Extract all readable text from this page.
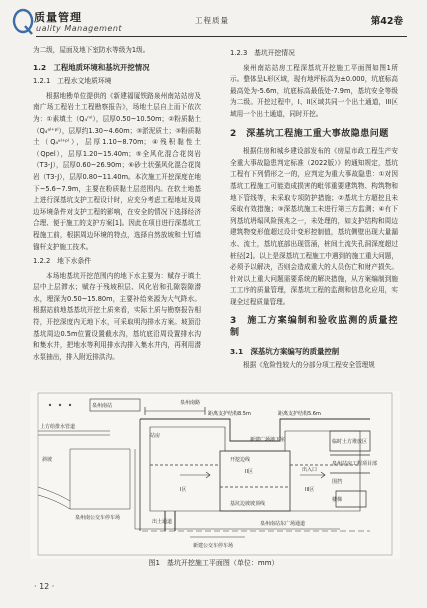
质量管理
uality Management
工程质量	第42卷

为二级，屋面及地下室防水等级为1级。

1.2　工程地质环境和基坑开挖情况
1.2.1　工程水文地质环境

根据地勘单位提供的《新建福厦铁路泉州南站站房及南广场工程岩土工程勘察报告》，场地土层自上而下依次为：①素填土（Q₄ᵐˡ），层厚0.50~10.50m；②粉质黏土（Q₄ᵃˡ⁺ᵖˡ），层厚约1.30~4.60m；③淤泥质土；③粉质黏土（Q₄ᵃˡ⁺ᵖˡ），层厚1.10~8.70m；④残积黏性土（Qpel），层厚1.20~15.40m；⑤全风化混合花岗岩（T3-J），层厚0.60~26.90m；⑥砂土状强风化混合花岗岩（T3-J），层厚0.80~11.40m。本次施工开挖深度在地下~5.6~7.9m，主要在粉质黏土层范围内。在软土地基上进行深基坑支护工程设计时，应充分考虑工程地址及周边环境条件对支护工程的影响，在安全的情况下选择经济合理、便于施工的支护方案[1]。因此在项目进行深基坑工程施工前，根据周边环境的特点，选择自然放坡和土钉墙锚杆支护施工技术。

1.2.2　地下水条件

本场地基坑开挖范围内的地下水主要为：赋存于填土层中上层滞水；赋存于残坡积层、风化岩和孔隙裂隙潜水，埋深为0.50~15.80m，主要补给来源为大气降水。根据站前地基基坑开挖土质来看，实际土质与勘察报告相符，开挖深度内无地下水，可采取明沟排水方案。坡顶沿基坑周边0.5m位置设置截水沟，基坑底沿周设置排水沟和集水井，把地水等利用排水沟排入集水井内，再利用潜水泵抽出，排入附近排洪沟。

1.2.3　基坑开挖情况

泉州南站站房工程深基坑开挖施工平面图如图1所示。整体呈L形区域，现有地坪标高为±0.000，坑底标高最高处为-5.6m，坑底标高最低处-7.9m，基坑安全等级为二级。开挖过程中，I、II区域共同一个出土通道，III区域用一个出土通道，同时开挖。

2　深基坑工程施工重大事故隐患问题

根据住房和城乡建设部发布的《房屋市政工程生产安全重大事故隐患判定标准（2022版）》的通知规定，基坑工程有下列情形之一的，应判定为重大事故隐患：①对因基坑工程施工可能造成损害的毗邻重要建筑物、构筑物和地下管线等，未采取专项防护措施；②基坑土方超挖且未采取有效措施；③深基坑施工未进行第三方监测；④有下列基坑坍塌风险预兆之一，未处理的，如支护结构和周边建筑物变形值超过设计变形控制值，基坑侧壁出现大量漏水、流土，基坑底部出现管涌，桩间土流失孔洞深度超过桩径[2]。以上是深基坑工程施工中遇到的施工重大问题，必须予以解决，否则会造成重大的人员伤亡和财产损失。针对以上重大问题需要系统的解决措施，从方案编制到施工工序的质量管理，深基坑工程的监测和信息化应用，实现全过程质量管理。

3　施工方案编制和验收监测的质量控制
3.1　深基坑方案编写的质量控制

根据《危险性较大的分部分项工程安全管理规

泉州南站
上方给排水管道
泉州南路
距离支护结构8.5m	距离支护结构5.6m
斜坡
I区
II区
III区
出土通道
基坑边坡坡顶线
开挖边线
临时土方堆放区
泉州站房工程项目部
围挡
楼梯
泉州南站东广场通道
出入口
新建公交车停车场
泉州南公交车停车场
新建广场地下室
站房
图1　基坑开挖施工平面图（单位：mm）
· 12 ·
